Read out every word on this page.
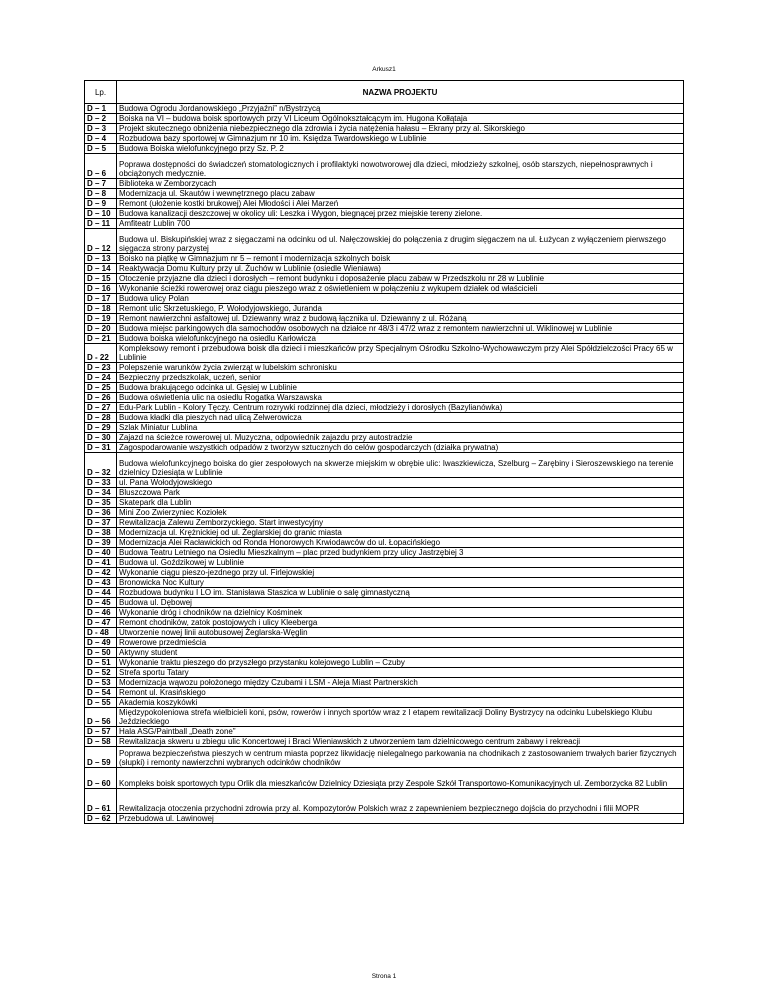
Arkusz1
Lp.	NAZWA PROJEKTU
D – 1	Budowa Ogrodu Jordanowskiego „Przyjaźni” n/Bystrzycą
D – 2	Boiska na VI – budowa boisk sportowych przy VI Liceum Ogólnokształcącym im. Hugona Kołłątaja
D – 3	Projekt skutecznego obniżenia niebezpiecznego dla zdrowia i życia natężenia hałasu – Ekrany przy al. Sikorskiego
D – 4	Rozbudowa bazy sportowej w Gimnazjum nr 10 im. Księdza Twardowskiego w Lublinie
D – 5	Budowa Boiska wielofunkcyjnego przy Sz. P. 2
D – 6	Poprawa dostępności do świadczeń stomatologicznych i profilaktyki nowotworowej dla dzieci, młodzieży szkolnej, osób starszych, niepełnosprawnych i obciążonych medycznie.
D – 7	Biblioteka w Zemborzycach
D – 8	Modernizacja ul. Skautów i wewnętrznego placu zabaw
D – 9	Remont (ułożenie kostki brukowej) Alei Młodości i Alei Marzeń
D – 10	Budowa kanalizacji deszczowej w okolicy uli: Leszka i Wygon, biegnącej przez miejskie tereny zielone.
D – 11	Amfiteatr Lublin 700
D – 12	Budowa ul. Biskupińskiej wraz z sięgaczami na odcinku od ul. Nałęczowskiej do połączenia z drugim sięgaczem na ul. Łużycan z wyłączeniem pierwszego sięgacza strony parzystej
D – 13	Boisko na piątkę w Gimnazjum nr 5 – remont i modernizacja szkolnych boisk
D – 14	Reaktywacja Domu Kultury przy ul. Żuchów w Lublinie (osiedle Wieniawa)
D – 15	Otoczenie przyjazne dla dzieci i dorosłych – remont budynku i doposażenie placu zabaw w Przedszkolu nr 28 w Lublinie
D – 16	Wykonanie ścieżki rowerowej oraz ciągu pieszego wraz z oświetleniem w połączeniu z wykupem działek od właścicieli
D – 17	Budowa ulicy Polan
D – 18	Remont ulic Skrzetuskiego, P. Wołodyjowskiego, Juranda
D – 19	Remont nawierzchni asfaltowej ul. Dziewanny wraz z budową łącznika ul. Dziewanny z ul. Różaną
D – 20	Budowa miejsc parkingowych dla samochodów osobowych na działce nr 48/3 i 47/2 wraz z remontem nawierzchni ul. Wiklinowej w Lublinie
D – 21	Budowa boiska wielofunkcyjnego na osiedlu Karłowicza
D - 22	Kompleksowy remont i przebudowa boisk dla dzieci i mieszkańców przy Specjalnym Ośrodku Szkolno-Wychowawczym przy Alei Spółdzielczości Pracy 65 w Lublinie
D – 23	Polepszenie warunków życia zwierząt w lubelskim schronisku
D – 24	Bezpieczny przedszkolak, uczeń, senior
D – 25	Budowa brakującego odcinka ul. Gęsiej w Lublinie
D – 26	Budowa oświetlenia ulic na osiedlu Rogatka Warszawska
D – 27	Edu-Park Lublin - Kolory Tęczy. Centrum rozrywki rodzinnej dla dzieci, młodzieży i dorosłych (Bazylianówka)
D – 28	Budowa kładki dla pieszych nad ulicą Zelwerowicza
D – 29	Szlak Miniatur Lublina
D – 30	Zajazd na ścieżce rowerowej ul. Muzyczna, odpowiednik zajazdu przy autostradzie
D – 31	Zagospodarowanie wszystkich odpadów z tworzyw sztucznych do celów gospodarczych (działka prywatna)
D – 32	Budowa wielofunkcyjnego boiska do gier zespołowych na skwerze miejskim w obrębie ulic: Iwaszkiewicza, Szelburg – Zarębiny i Sieroszewskiego na terenie dzielnicy Dziesiąta w Lublinie
D – 33	ul. Pana Wołodyjowskiego
D – 34	Bluszczowa Park
D – 35	Skatepark dla Lublin
D – 36	Mini Zoo Zwierzyniec Koziołek
D – 37	Rewitalizacja Zalewu Zemborzyckiego. Start inwestycyjny
D – 38	Modernizacja ul. Krężnickiej od ul. Żeglarskiej do granic miasta
D – 39	Modernizacja Alei Racławickich od Ronda Honorowych Krwiodawców do ul. Łopacińskiego
D – 40	Budowa Teatru Letniego na Osiedlu Mieszkalnym – plac przed budynkiem przy ulicy Jastrzębiej 3
D – 41	Budowa ul. Goździkowej w Lublinie
D – 42	Wykonanie ciągu pieszo-jezdnego przy ul. Firlejowskiej
D – 43	Bronowicka Noc Kultury
D – 44	Rozbudowa budynku I LO im. Stanisława Staszica w Lublinie o salę gimnastyczną
D – 45	Budowa ul. Dębowej
D – 46	Wykonanie dróg i chodników na dzielnicy Kośminek
D – 47	Remont chodników, zatok postojowych i ulicy Kleeberga
D - 48	Utworzenie nowej linii autobusowej Żeglarska-Węglin
D – 49	Rowerowe przedmieścia
D – 50	Aktywny student
D – 51	Wykonanie traktu pieszego do przyszłego przystanku kolejowego Lublin – Czuby
D – 52	Strefa sportu Tatary
D – 53	Modernizacja wąwozu położonego między Czubami i LSM - Aleja Miast Partnerskich
D – 54	Remont ul. Krasińskiego
D – 55	Akademia koszykówki
D – 56	Międzypokoleniowa strefa wielbicieli koni, psów, rowerów i innych sportów wraz z I etapem rewitalizacji Doliny Bystrzycy na odcinku Lubelskiego Klubu Jeździeckiego
D – 57	Hala ASG/Paintball „Death zone”
D – 58	Rewitalizacja skweru u zbiegu ulic Koncertowej i Braci Wieniawskich z utworzeniem tam dzielnicowego centrum zabawy i rekreacji
D – 59	Poprawa bezpieczeństwa pieszych w centrum miasta poprzez likwidację nielegalnego parkowania na chodnikach z zastosowaniem trwałych barier fizycznych (słupki) i remonty nawierzchni wybranych odcinków chodników
D – 60	Kompleks boisk sportowych typu Orlik dla mieszkańców Dzielnicy Dziesiąta przy Zespole Szkół Transportowo-Komunikacyjnych ul. Zemborzycka 82 Lublin
D – 61	Rewitalizacja otoczenia przychodni zdrowia przy al. Kompozytorów Polskich wraz z zapewnieniem bezpiecznego dojścia do przychodni i filii MOPR
D – 62	Przebudowa ul. Lawinowej
Strona 1
